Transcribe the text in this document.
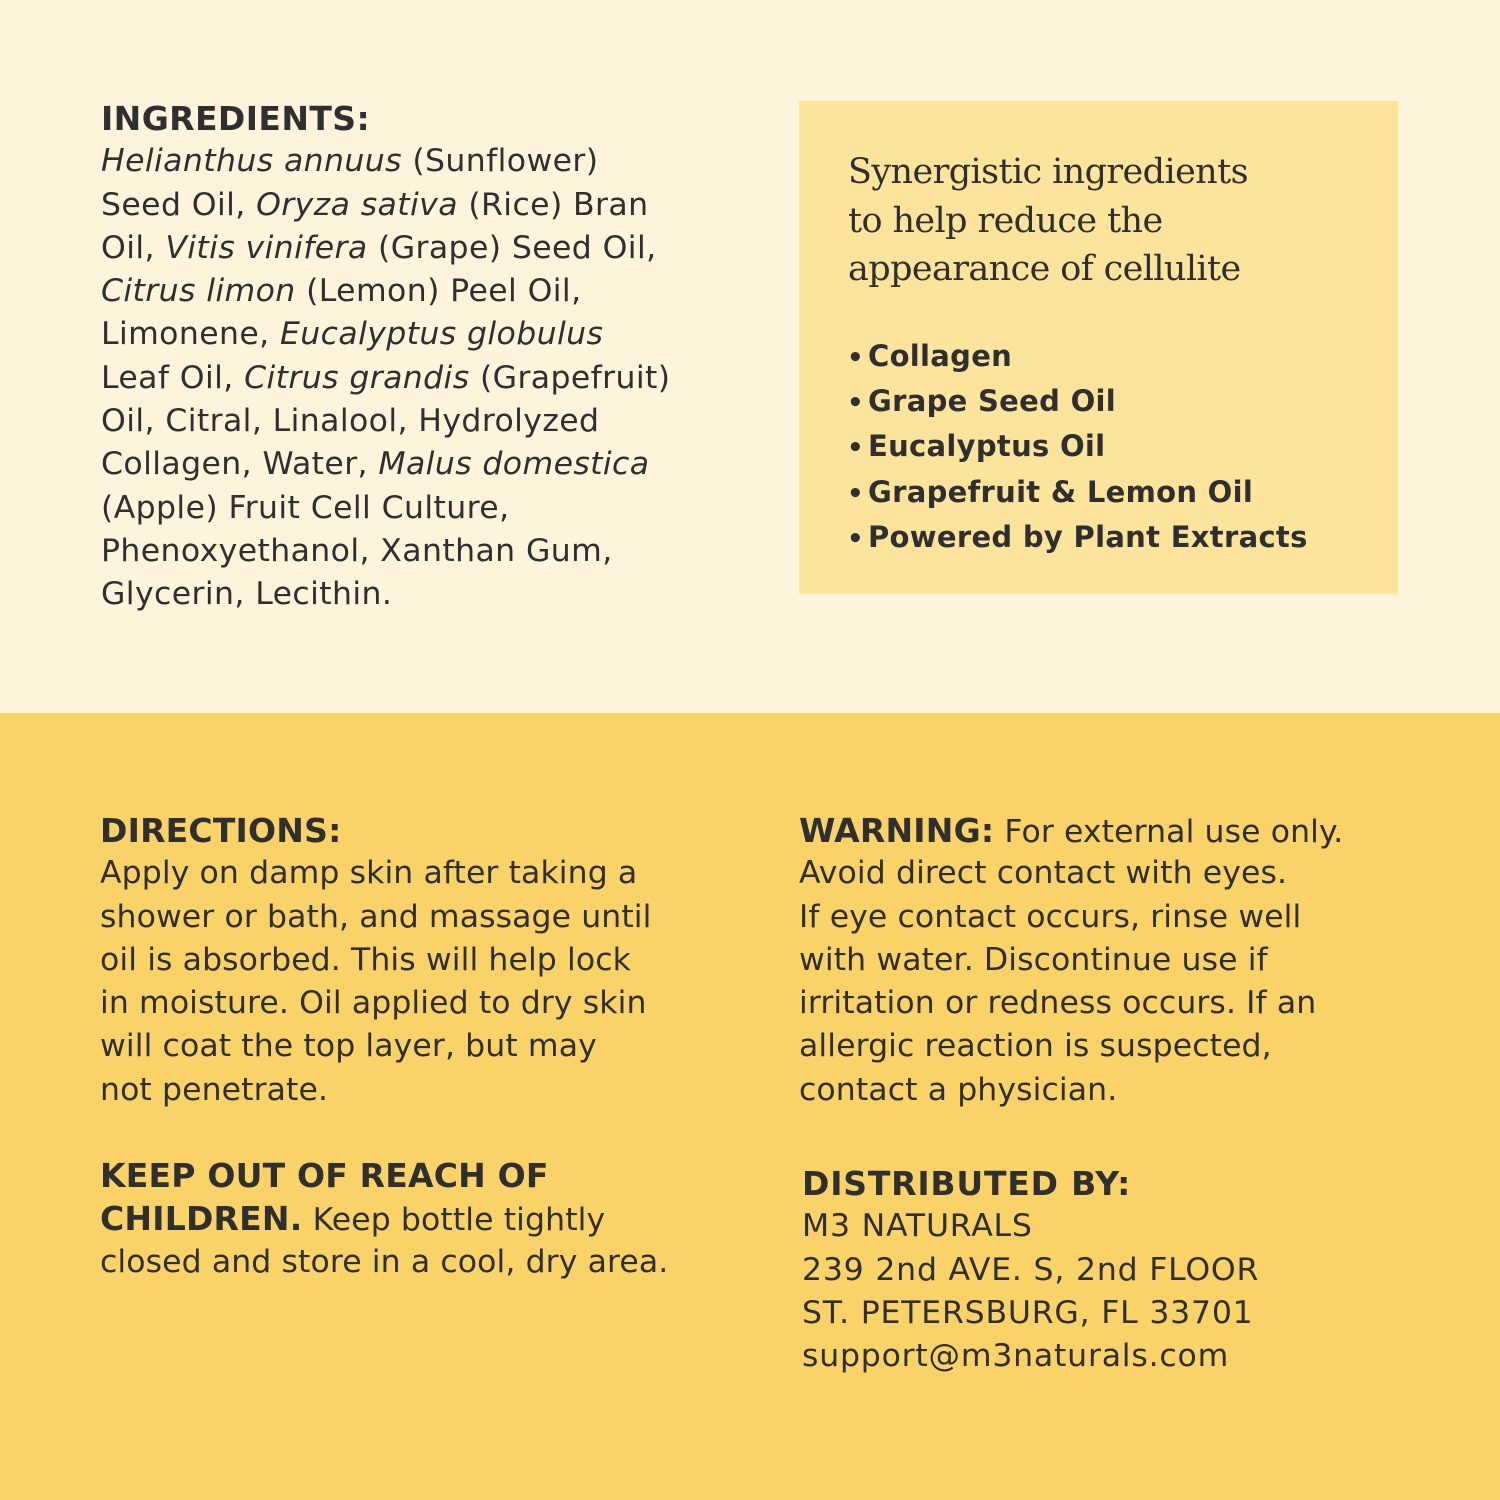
INGREDIENTS:
Helianthus annuus (Sunflower)
Seed Oil, Oryza sativa (Rice) Bran
Oil, Vitis vinifera (Grape) Seed Oil,
Citrus limon (Lemon) Peel Oil,
Limonene, Eucalyptus globulus
Leaf Oil, Citrus grandis (Grapefruit)
Oil, Citral, Linalool, Hydrolyzed
Collagen, Water, Malus domestica
(Apple) Fruit Cell Culture,
Phenoxyethanol, Xanthan Gum,
Glycerin, Lecithin.
Synergistic ingredients
to help reduce the
appearance of cellulite
• Collagen
• Grape Seed Oil
• Eucalyptus Oil
• Grapefruit & Lemon Oil
• Powered by Plant Extracts
DIRECTIONS:
Apply on damp skin after taking a
shower or bath, and massage until
oil is absorbed. This will help lock
in moisture. Oil applied to dry skin
will coat the top layer, but may
not penetrate.
KEEP OUT OF REACH OF
CHILDREN. Keep bottle tightly
closed and store in a cool, dry area.
WARNING: For external use only.
Avoid direct contact with eyes.
If eye contact occurs, rinse well
with water. Discontinue use if
irritation or redness occurs. If an
allergic reaction is suspected,
contact a physician.
DISTRIBUTED BY:
M3 NATURALS
239 2nd AVE. S, 2nd FLOOR
ST. PETERSBURG, FL 33701
support@m3naturals.com
